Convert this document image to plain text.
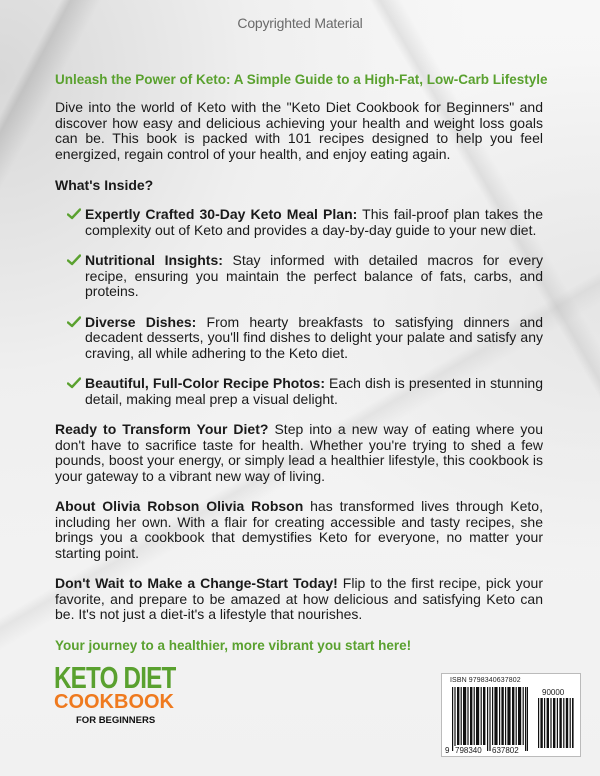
Copyrighted Material
Unleash the Power of Keto: A Simple Guide to a High-Fat, Low-Carb Lifestyle

Dive into the world of Keto with the "Keto Diet Cookbook for Beginners" and discover how easy and delicious achieving your health and weight loss goals can be. This book is packed with 101 recipes designed to help you feel energized, regain control of your health, and enjoy eating again.

What's Inside?
Expertly Crafted 30-Day Keto Meal Plan: This fail-proof plan takes the complexity out of Keto and provides a day-by-day guide to your new diet.
Nutritional Insights: Stay informed with detailed macros for every recipe, ensuring you maintain the perfect balance of fats, carbs, and proteins.
Diverse Dishes: From hearty breakfasts to satisfying dinners and decadent desserts, you'll find dishes to delight your palate and satisfy any craving, all while adhering to the Keto diet.
Beautiful, Full-Color Recipe Photos: Each dish is presented in stunning detail, making meal prep a visual delight.

Ready to Transform Your Diet? Step into a new way of eating where you don't have to sacrifice taste for health. Whether you're trying to shed a few pounds, boost your energy, or simply lead a healthier lifestyle, this cookbook is your gateway to a vibrant new way of living.

About Olivia Robson Olivia Robson has transformed lives through Keto, including her own. With a flair for creating accessible and tasty recipes, she brings you a cookbook that demystifies Keto for everyone, no matter your starting point.

Don't Wait to Make a Change-Start Today! Flip to the first recipe, pick your favorite, and prepare to be amazed at how delicious and satisfying Keto can be. It's not just a diet-it's a lifestyle that nourishes.

Your journey to a healthier, more vibrant you start here!
KETO DIET
COOKBOOK
FOR BEGINNERS
ISBN 9798340637802
90000
9 798340 637802
